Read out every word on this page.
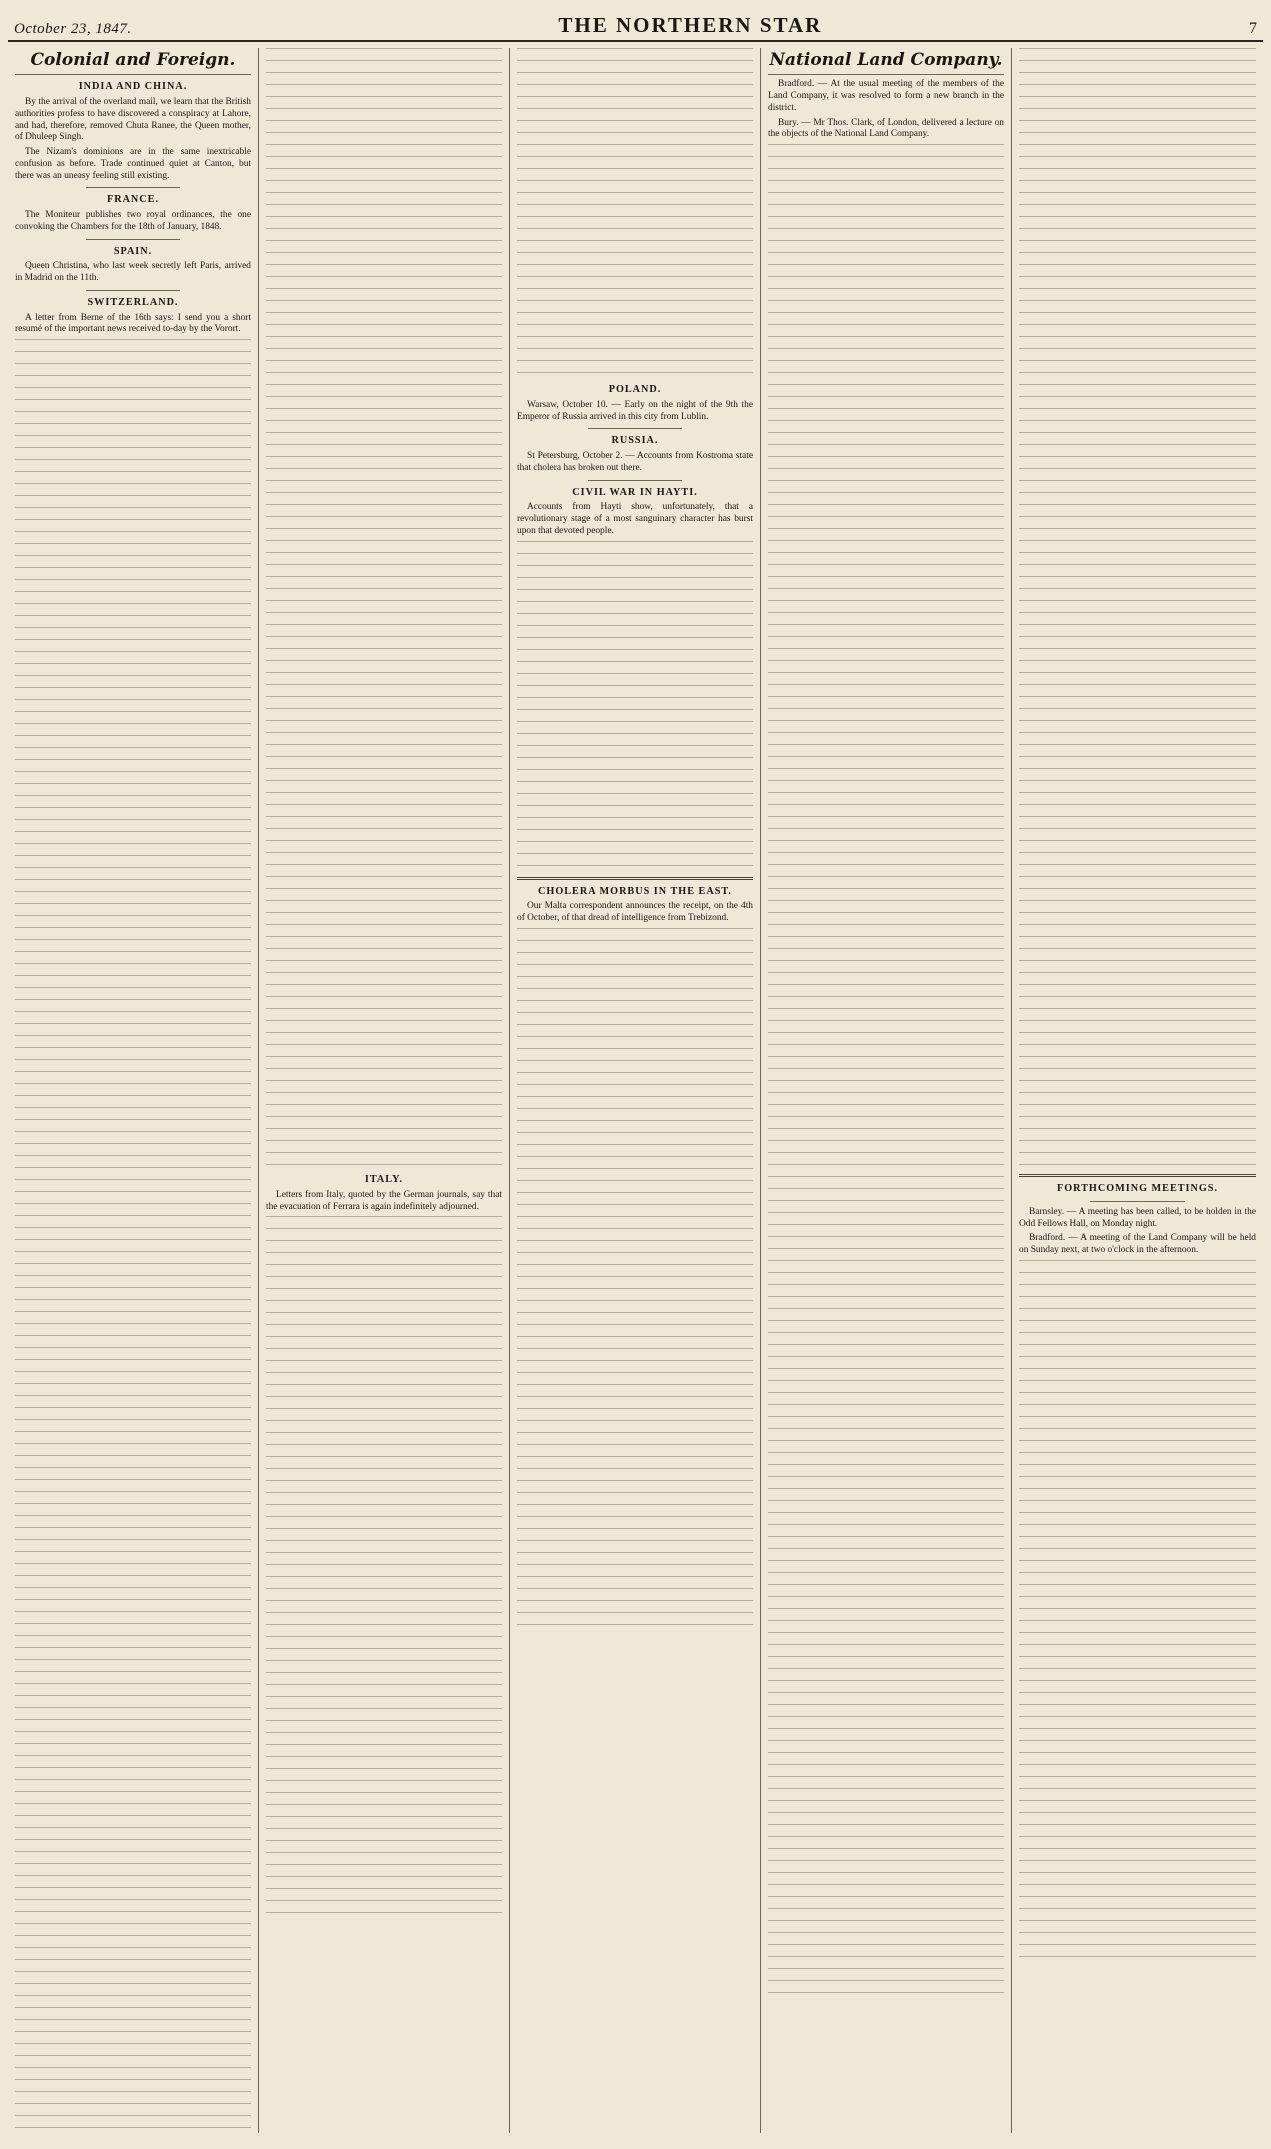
October 23, 1847.	THE NORTHERN STAR	7
Colonial and Foreign.
INDIA AND CHINA.

By the arrival of the overland mail, we learn that the British authorities profess to have discovered a conspiracy at Lahore, and had, therefore, removed Chuta Ranee, the Queen mother, of Dhuleep Singh.

The Nizam's dominions are in the same inextricable confusion as before. Trade continued quiet at Canton, but there was an uneasy feeling still existing.

FRANCE.

The Moniteur publishes two royal ordinances, the one convoking the Chambers for the 18th of January, 1848.

SPAIN.

Queen Christina, who last week secretly left Paris, arrived in Madrid on the 11th.

SWITZERLAND.

A letter from Berne of the 16th says: I send you a short resumé of the important news received to-day by the Vorort.

ITALY.

Letters from Italy, quoted by the German journals, say that the evacuation of Ferrara is again indefinitely adjourned.

POLAND.

Warsaw, October 10. — Early on the night of the 9th the Emperor of Russia arrived in this city from Lublin.

RUSSIA.

St Petersburg, October 2. — Accounts from Kostroma state that cholera has broken out there.

CIVIL WAR IN HAYTI.

Accounts from Hayti show, unfortunately, that a revolutionary stage of a most sanguinary character has burst upon that devoted people.

CHOLERA MORBUS IN THE EAST.

Our Malta correspondent announces the receipt, on the 4th of October, of that dread of intelligence from Trebizond.

National Land Company.

Bradford. — At the usual meeting of the members of the Land Company, it was resolved to form a new branch in the district.

Bury. — Mr Thos. Clark, of London, delivered a lecture on the objects of the National Land Company.

FORTHCOMING MEETINGS.

Barnsley. — A meeting has been called, to be holden in the Odd Fellows Hall, on Monday night.

Bradford. — A meeting of the Land Company will be held on Sunday next, at two o'clock in the afternoon.
